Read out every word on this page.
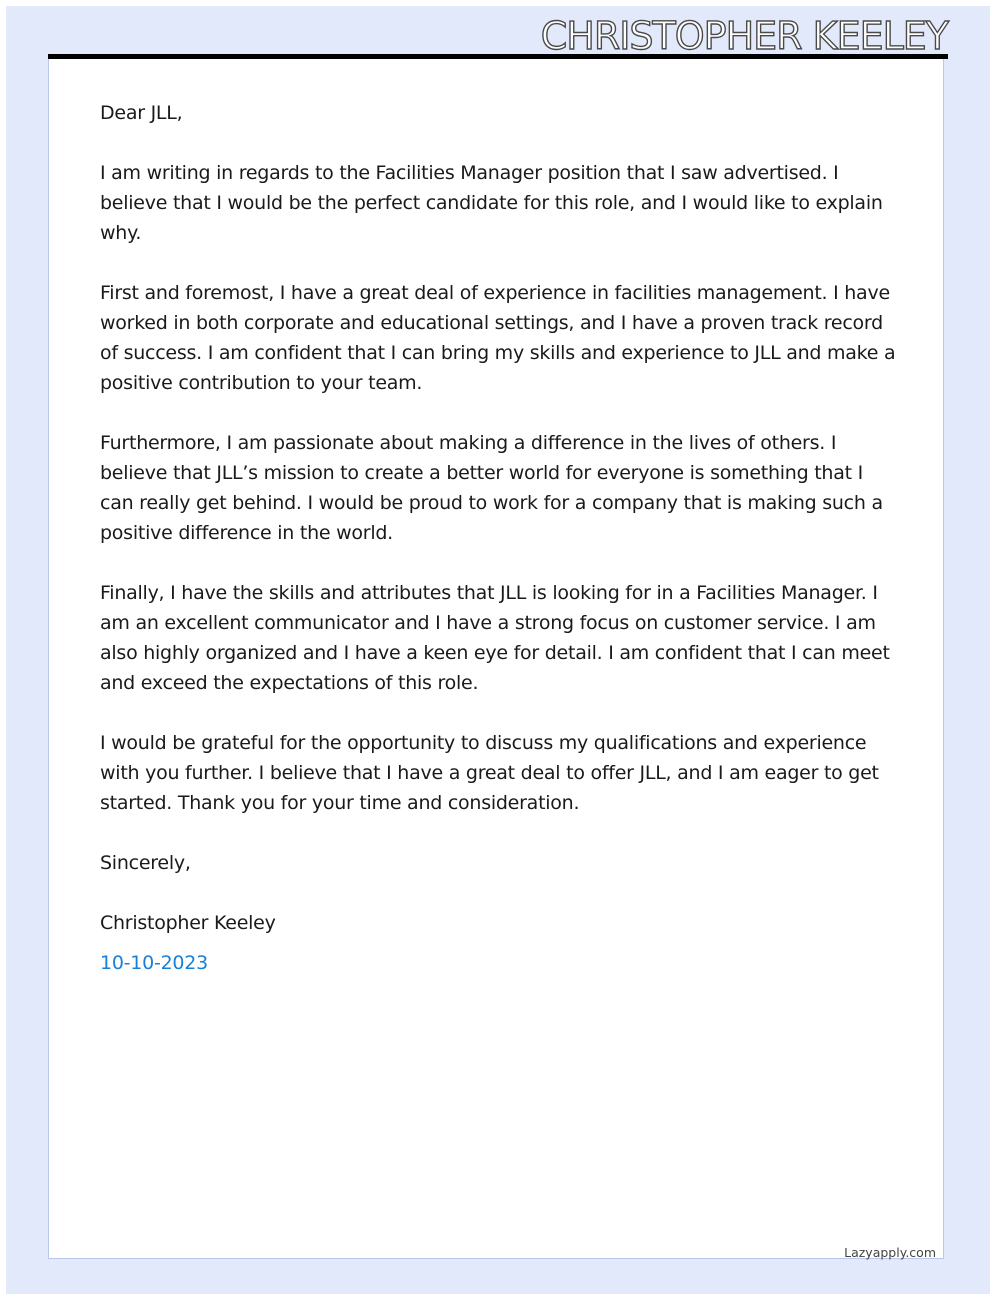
CHRISTOPHER KEELEY

Dear JLL,

I am writing in regards to the Facilities Manager position that I saw advertised. I believe that I would be the perfect candidate for this role, and I would like to explain why.

First and foremost, I have a great deal of experience in facilities management. I have worked in both corporate and educational settings, and I have a proven track record of success. I am confident that I can bring my skills and experience to JLL and make a positive contribution to your team.

Furthermore, I am passionate about making a difference in the lives of others. I believe that JLL’s mission to create a better world for everyone is something that I can really get behind. I would be proud to work for a company that is making such a positive difference in the world.

Finally, I have the skills and attributes that JLL is looking for in a Facilities Manager. I am an excellent communicator and I have a strong focus on customer service. I am also highly organized and I have a keen eye for detail. I am confident that I can meet and exceed the expectations of this role.

I would be grateful for the opportunity to discuss my qualifications and experience with you further. I believe that I have a great deal to offer JLL, and I am eager to get started. Thank you for your time and consideration.

Sincerely,

Christopher Keeley

10-10-2023

Lazyapply.com
